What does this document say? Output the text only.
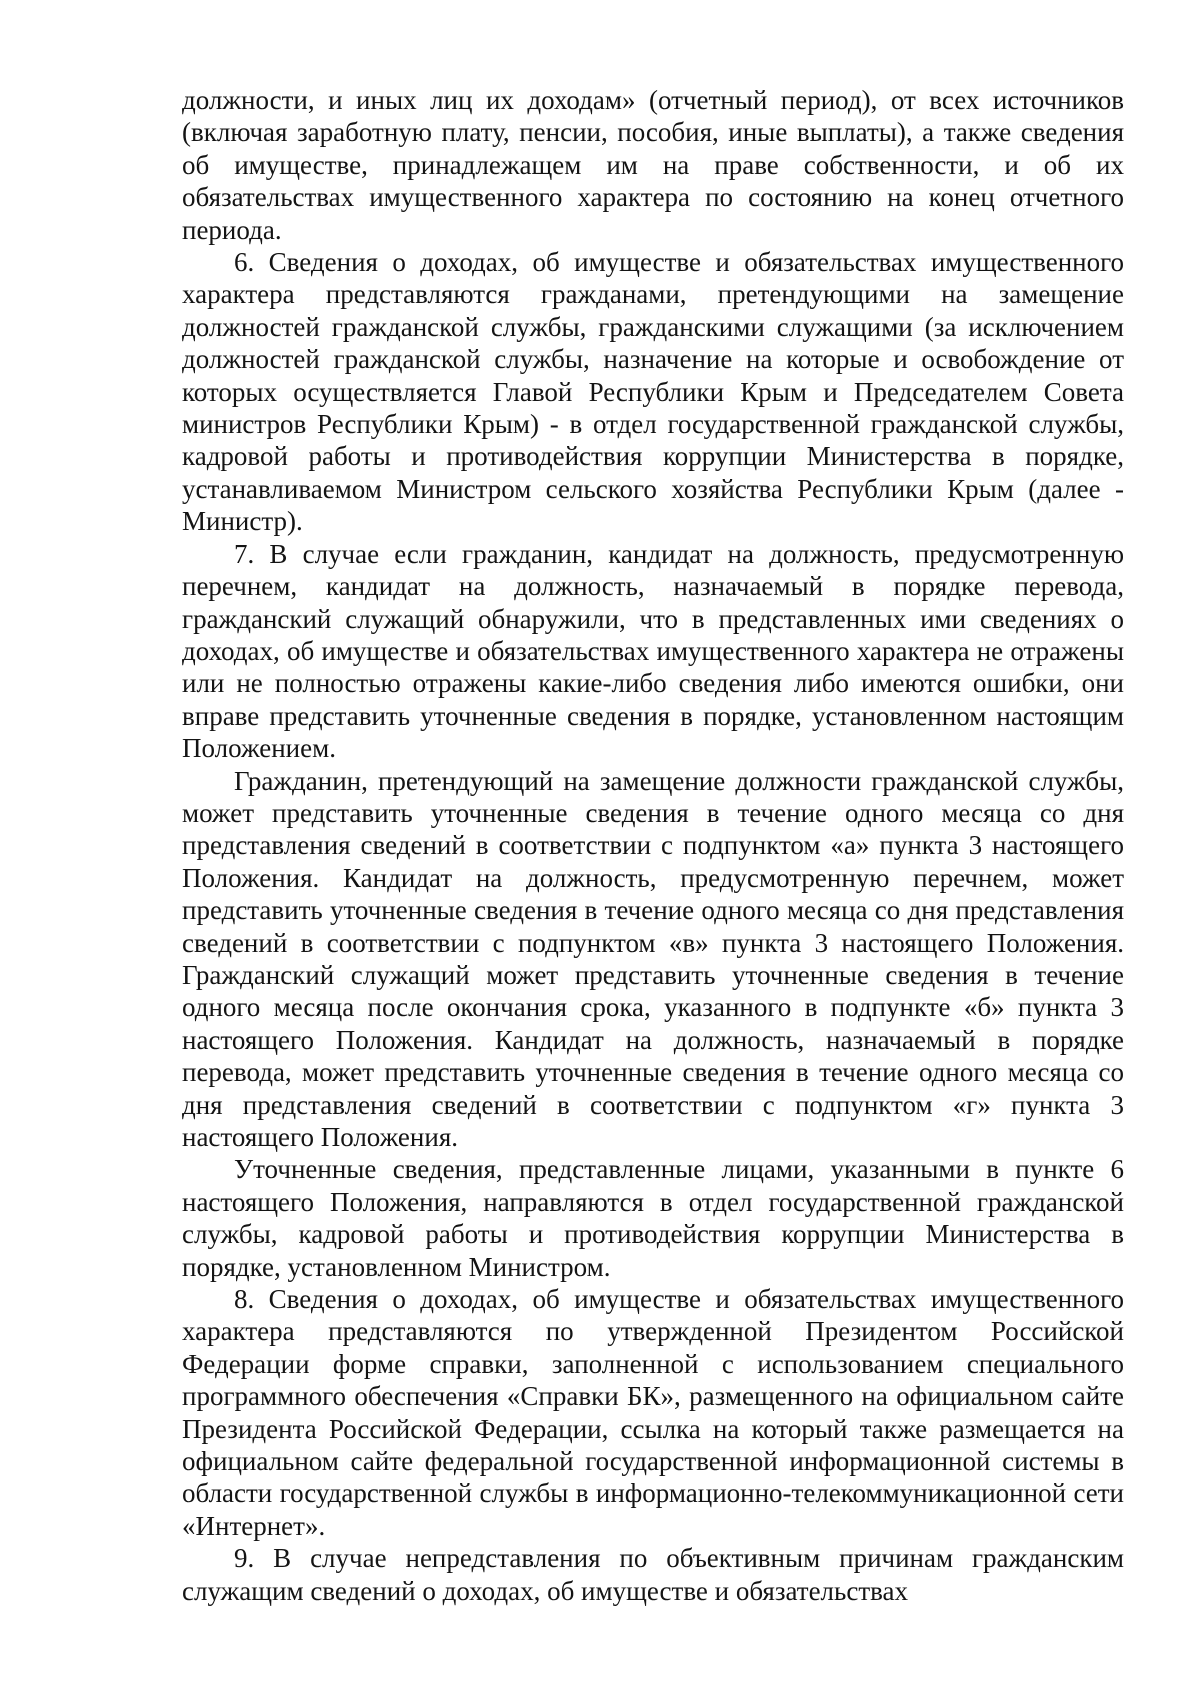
должности, и иных лиц их доходам» (отчетный период), от всех источников (включая заработную плату, пенсии, пособия, иные выплаты), а также сведения об имуществе, принадлежащем им на праве собственности, и об их обязательствах имущественного характера по состоянию на конец отчетного периода.

6. Сведения о доходах, об имуществе и обязательствах имущественного характера представляются гражданами, претендующими на замещение должностей гражданской службы, гражданскими служащими (за исключением должностей гражданской службы, назначение на которые и освобождение от которых осуществляется Главой Республики Крым и Председателем Совета министров Республики Крым) - в отдел государственной гражданской службы, кадровой работы и противодействия коррупции Министерства в порядке, устанавливаемом Министром сельского хозяйства Республики Крым (далее - Министр).

7. В случае если гражданин, кандидат на должность, предусмотренную перечнем, кандидат на должность, назначаемый в порядке перевода, гражданский служащий обнаружили, что в представленных ими сведениях о доходах, об имуществе и обязательствах имущественного характера не отражены или не полностью отражены какие-либо сведения либо имеются ошибки, они вправе представить уточненные сведения в порядке, установленном настоящим Положением.

Гражданин, претендующий на замещение должности гражданской службы, может представить уточненные сведения в течение одного месяца со дня представления сведений в соответствии с подпунктом «а» пункта 3 настоящего Положения. Кандидат на должность, предусмотренную перечнем, может представить уточненные сведения в течение одного месяца со дня представления сведений в соответствии с подпунктом «в» пункта 3 настоящего Положения. Гражданский служащий может представить уточненные сведения в течение одного месяца после окончания срока, указанного в подпункте «б» пункта 3 настоящего Положения. Кандидат на должность, назначаемый в порядке перевода, может представить уточненные сведения в течение одного месяца со дня представления сведений в соответствии с подпунктом «г» пункта 3 настоящего Положения.

Уточненные сведения, представленные лицами, указанными в пункте 6 настоящего Положения, направляются в отдел государственной гражданской службы, кадровой работы и противодействия коррупции Министерства в порядке, установленном Министром.

8. Сведения о доходах, об имуществе и обязательствах имущественного характера представляются по утвержденной Президентом Российской Федерации форме справки, заполненной с использованием специального программного обеспечения «Справки БК», размещенного на официальном сайте Президента Российской Федерации, ссылка на который также размещается на официальном сайте федеральной государственной информационной системы в области государственной службы в информационно-телекоммуникационной сети «Интернет».

9. В случае непредставления по объективным причинам гражданским служащим сведений о доходах, об имуществе и обязательствах
